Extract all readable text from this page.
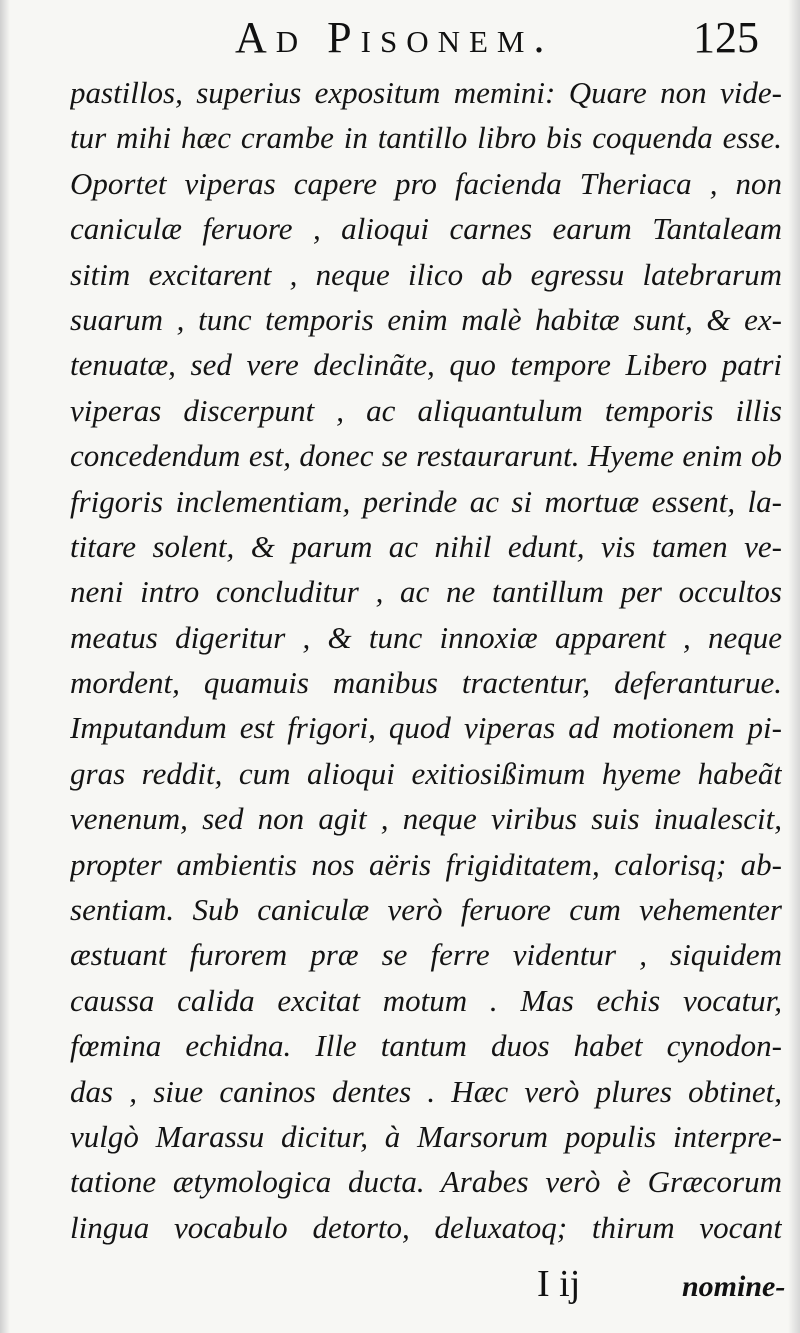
Ad Pisonem.	125
pastillos, superius expositum memini: Quare non vide-
tur mihi hæc crambe in tantillo libro bis coquenda esse.
Oportet viperas capere pro facienda Theriaca , non
caniculæ feruore , alioqui carnes earum Tantaleam
sitim excitarent , neque ilico ab egressu latebrarum
suarum , tunc temporis enim malè habitæ sunt, & ex-
tenuatæ, sed vere declinãte, quo tempore Libero patri
viperas discerpunt , ac aliquantulum temporis illis
concedendum est, donec se restaurarunt. Hyeme enim ob
frigoris inclementiam, perinde ac si mortuæ essent, la-
titare solent, & parum ac nihil edunt, vis tamen ve-
neni intro concluditur , ac ne tantillum per occultos
meatus digeritur , & tunc innoxiæ apparent , neque
mordent, quamuis manibus tractentur, deferanturue.
Imputandum est frigori, quod viperas ad motionem pi-
gras reddit, cum alioqui exitiosißimum hyeme habeãt
venenum, sed non agit , neque viribus suis inualescit,
propter ambientis nos aëris frigiditatem, calorisq; ab-
sentiam. Sub caniculæ verò feruore cum vehementer
æstuant furorem præ se ferre videntur , siquidem
caussa calida excitat motum . Mas echis vocatur,
fœmina echidna. Ille tantum duos habet cynodon-
das , siue caninos dentes . Hæc verò plures obtinet,
vulgò Marassu dicitur, à Marsorum populis interpre-
tatione ætymologica ducta. Arabes verò è Græcorum
lingua vocabulo detorto, deluxatoq; thirum vocant
I ij	nomine-
